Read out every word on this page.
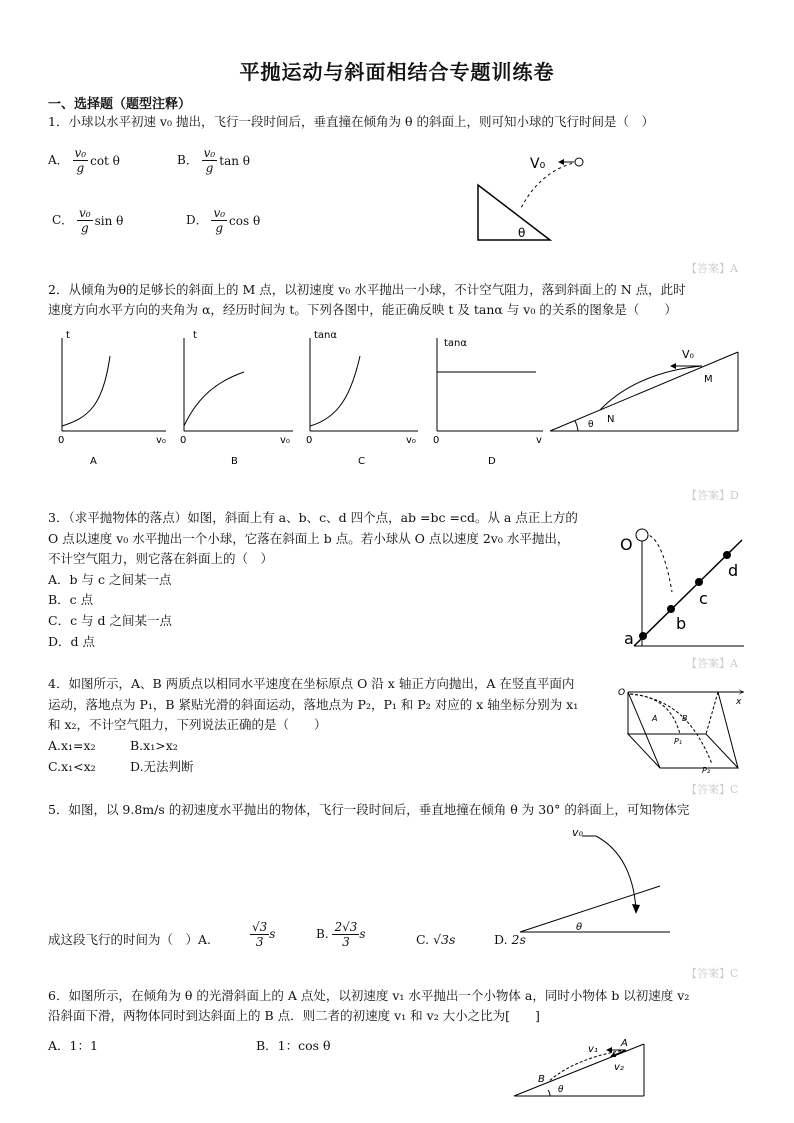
平抛运动与斜面相结合专题训练卷
一、选择题（题型注释）
1．小球以水平初速 v₀ 抛出，飞行一段时间后，垂直撞在倾角为 θ 的斜面上，则可知小球的飞行时间是（　）
A． $\frac{\text{v₀}}{g}$ cot θ	B． $\frac{\text{v₀}}{g}$ tan θ
C． $\frac{\text{v₀}}{g}$ sin θ	D． $\frac{\text{v₀}}{g}$ cos θ
V₀
θ
【答案】A
2．从倾角为θ的足够长的斜面上的 M 点，以初速度 v₀ 水平抛出一小球，不计空气阻力，落到斜面上的 N 点，此时
速度方向水平方向的夹角为 α，经历时间为 t。下列各图中，能正确反映 t 及 tanα 与 v₀ 的关系的图象是（　　）
t
0	v₀
A
t
0	v₀
B
tanα
0	v₀
C
tanα
0	v
D
V₀
M
N
θ
【答案】D
3．（求平抛物体的落点）如图，斜面上有 a、b、c、d 四个点，ab =bc =cd。从 a 点正上方的
O 点以速度 v₀ 水平抛出一个小球，它落在斜面上 b 点。若小球从 O 点以速度 2v₀ 水平抛出，
不计空气阻力，则它落在斜面上的（　）
A．b 与 c 之间某一点
B．c 点
C．c 与 d 之间某一点
D．d 点
O
a
b
c
d
【答案】A
4．如图所示，A、B 两质点以相同水平速度在坐标原点 O 沿 x 轴正方向抛出，A 在竖直平面内
运动，落地点为 P₁，B 紧贴光滑的斜面运动，落地点为 P₂，P₁ 和 P₂ 对应的 x 轴坐标分别为 x₁
和 x₂，不计空气阻力，下列说法正确的是（　　）
A.x₁=x₂	B.x₁>x₂
C.x₁<x₂	D.无法判断
O
x
A	B
P₁
P₂
【答案】C
5．如图，以 9.8m/s 的初速度水平抛出的物体，飞行一段时间后，垂直地撞在倾角 θ 为 30° 的斜面上，可知物体完
v₀
θ
成这段飞行的时间为（　）A.	$\frac{√3}{3}$ s	B. $\frac{2√3}{3}$ s	C. √3s	D. 2s
【答案】C
6．如图所示，在倾角为 θ 的光滑斜面上的 A 点处，以初速度 v₁ 水平抛出一个小物体 a，同时小物体 b 以初速度 v₂
沿斜面下滑，两物体同时到达斜面上的 B 点．则二者的初速度 v₁ 和 v₂ 大小之比为[　　]
A．1：1	B．1：cos θ	v₁
v₂
A
B
θ
